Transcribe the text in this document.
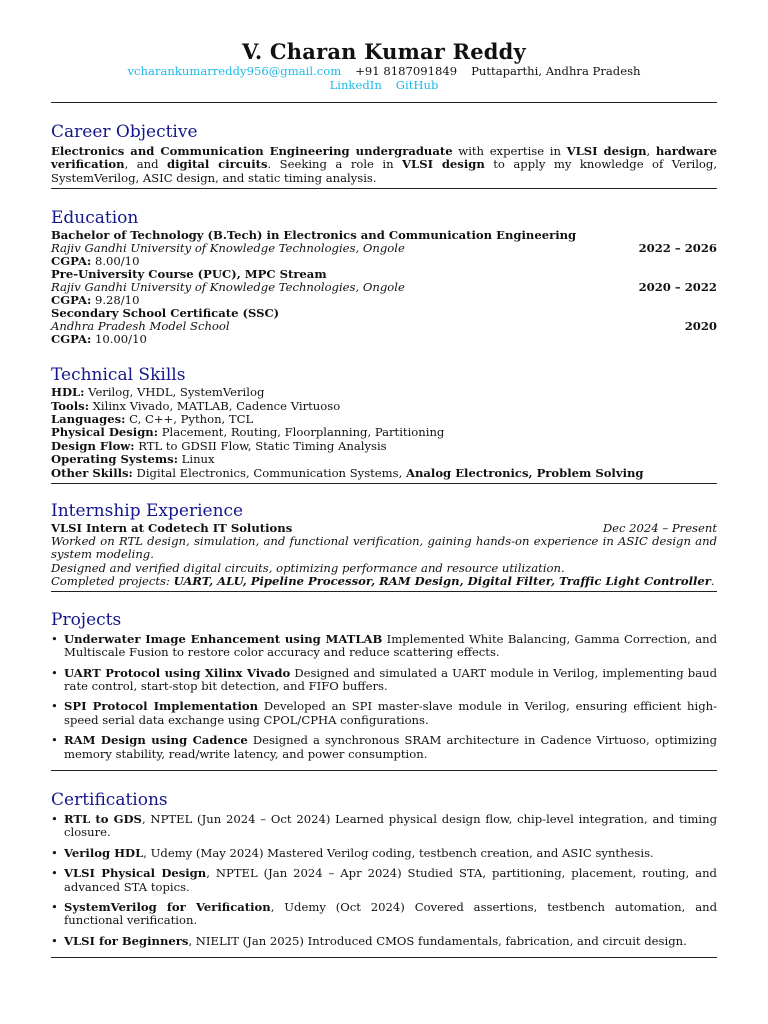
V. Charan Kumar Reddy
vcharankumarreddy956@gmail.com +91 8187091849 Puttaparthi, Andhra Pradesh
LinkedIn GitHub
Career Objective
Electronics and Communication Engineering undergraduate with expertise in VLSI design, hardware verification, and digital circuits. Seeking a role in VLSI design to apply my knowledge of Verilog, SystemVerilog, ASIC design, and static timing analysis.
Education
Bachelor of Technology (B.Tech) in Electronics and Communication Engineering
Rajiv Gandhi University of Knowledge Technologies, Ongole	2022 – 2026
CGPA: 8.00/10
Pre-University Course (PUC), MPC Stream
Rajiv Gandhi University of Knowledge Technologies, Ongole	2020 – 2022
CGPA: 9.28/10
Secondary School Certificate (SSC)
Andhra Pradesh Model School	2020
CGPA: 10.00/10
Technical Skills
HDL: Verilog, VHDL, SystemVerilog
Tools: Xilinx Vivado, MATLAB, Cadence Virtuoso
Languages: C, C++, Python, TCL
Physical Design: Placement, Routing, Floorplanning, Partitioning
Design Flow: RTL to GDSII Flow, Static Timing Analysis
Operating Systems: Linux
Other Skills: Digital Electronics, Communication Systems, Analog Electronics, Problem Solving
Internship Experience
VLSI Intern at Codetech IT Solutions	Dec 2024 – Present
Worked on RTL design, simulation, and functional verification, gaining hands-on experience in ASIC design and system modeling.
Designed and verified digital circuits, optimizing performance and resource utilization.
Completed projects: UART, ALU, Pipeline Processor, RAM Design, Digital Filter, Traffic Light Controller.
Projects
• Underwater Image Enhancement using MATLAB Implemented White Balancing, Gamma Correction, and Multiscale Fusion to restore color accuracy and reduce scattering effects.
• UART Protocol using Xilinx Vivado Designed and simulated a UART module in Verilog, implementing baud rate control, start-stop bit detection, and FIFO buffers.
• SPI Protocol Implementation Developed an SPI master-slave module in Verilog, ensuring efficient high-speed serial data exchange using CPOL/CPHA configurations.
• RAM Design using Cadence Designed a synchronous SRAM architecture in Cadence Virtuoso, optimizing memory stability, read/write latency, and power consumption.
Certifications
• RTL to GDS, NPTEL (Jun 2024 – Oct 2024) Learned physical design flow, chip-level integration, and timing closure.
• Verilog HDL, Udemy (May 2024) Mastered Verilog coding, testbench creation, and ASIC synthesis.
• VLSI Physical Design, NPTEL (Jan 2024 – Apr 2024) Studied STA, partitioning, placement, routing, and advanced STA topics.
• SystemVerilog for Verification, Udemy (Oct 2024) Covered assertions, testbench automation, and functional verification.
• VLSI for Beginners, NIELIT (Jan 2025) Introduced CMOS fundamentals, fabrication, and circuit design.
